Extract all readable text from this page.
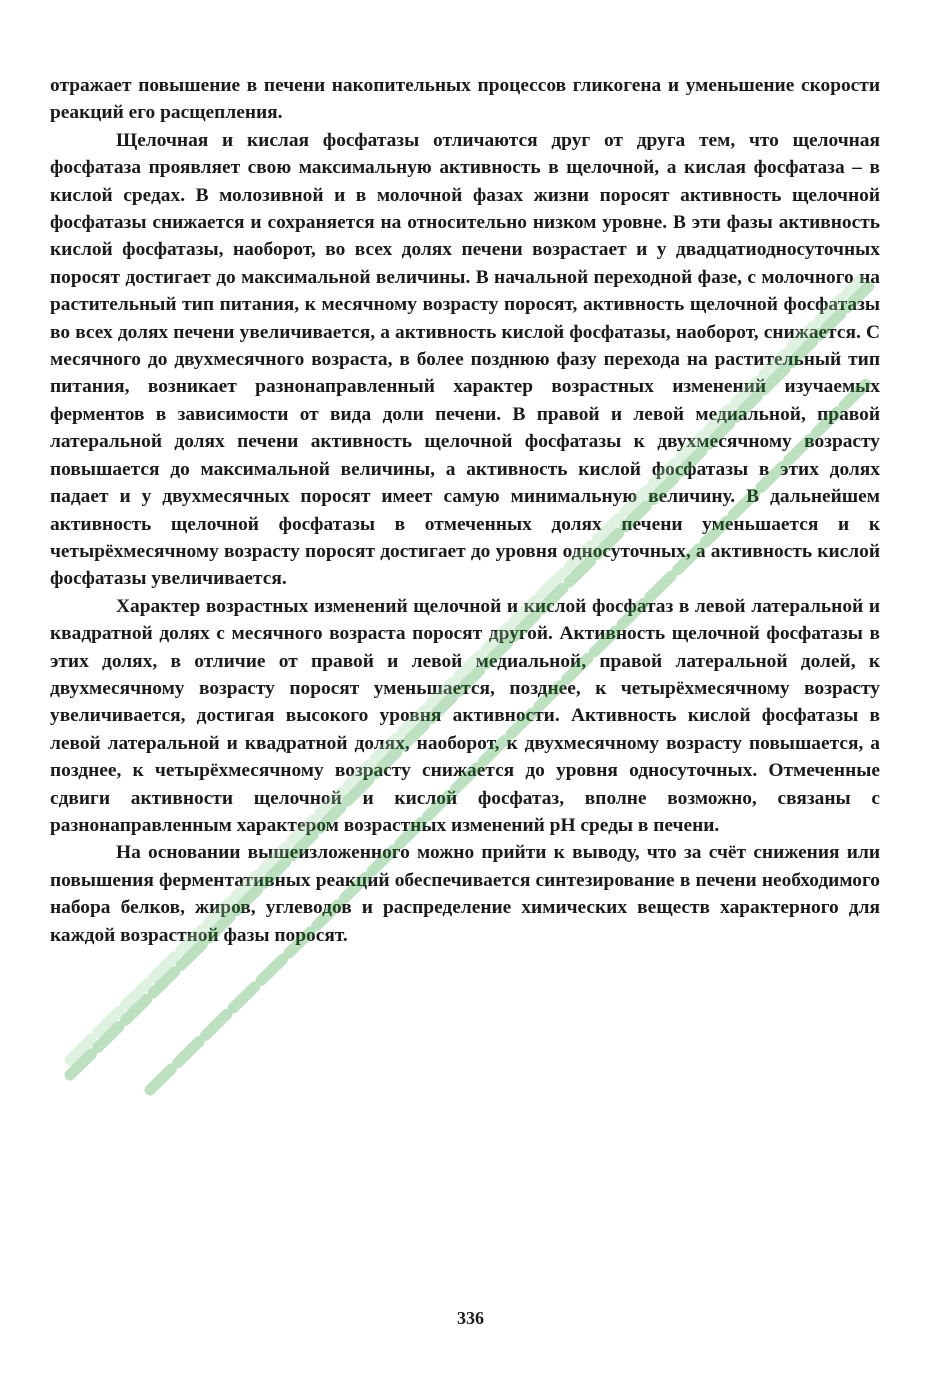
отражает повышение в печени накопительных процессов гликогена и уменьшение скорости реакций его расщепления.

Щелочная и кислая фосфатазы отличаются друг от друга тем, что щелочная фосфатаза проявляет свою максимальную активность в щелочной, а кислая фосфатаза – в кислой средах. В молозивной и в молочной фазах жизни поросят активность щелочной фосфатазы снижается и сохраняется на относительно низком уровне. В эти фазы активность кислой фосфатазы, наоборот, во всех долях печени возрастает и у двадцатиодносуточных поросят достигает до максимальной величины. В начальной переходной фазе, с молочного на растительный тип питания, к месячному возрасту поросят, активность щелочной фосфатазы во всех долях печени увеличивается, а активность кислой фосфатазы, наоборот, снижается. С месячного до двухмесячного возраста, в более позднюю фазу перехода на растительный тип питания, возникает разнонаправленный характер возрастных изменений изучаемых ферментов в зависимости от вида доли печени. В правой и левой медиальной, правой латеральной долях печени активность щелочной фосфатазы к двухмесячному возрасту повышается до максимальной величины, а активность кислой фосфатазы в этих долях падает и у двухмесячных поросят имеет самую минимальную величину. В дальнейшем активность щелочной фосфатазы в отмеченных долях печени уменьшается и к четырёхмесячному возрасту поросят достигает до уровня односуточных, а активность кислой фосфатазы увеличивается.

Характер возрастных изменений щелочной и кислой фосфатаз в левой латеральной и квадратной долях с месячного возраста поросят другой. Активность щелочной фосфатазы в этих долях, в отличие от правой и левой медиальной, правой латеральной долей, к двухмесячному возрасту поросят уменьшается, позднее, к четырёхмесячному возрасту увеличивается, достигая высокого уровня активности. Активность кислой фосфатазы в левой латеральной и квадратной долях, наоборот, к двухмесячному возрасту повышается, а позднее, к четырёхмесячному возрасту снижается до уровня односуточных. Отмеченные сдвиги активности щелочной и кислой фосфатаз, вполне возможно, связаны с разнонаправленным характером возрастных изменений pH среды в печени.

На основании вышеизложенного можно прийти к выводу, что за счёт снижения или повышения ферментативных реакций обеспечивается синтезирование в печени необходимого набора белков, жиров, углеводов и распределение химических веществ характерного для каждой возрастной фазы поросят.

336
